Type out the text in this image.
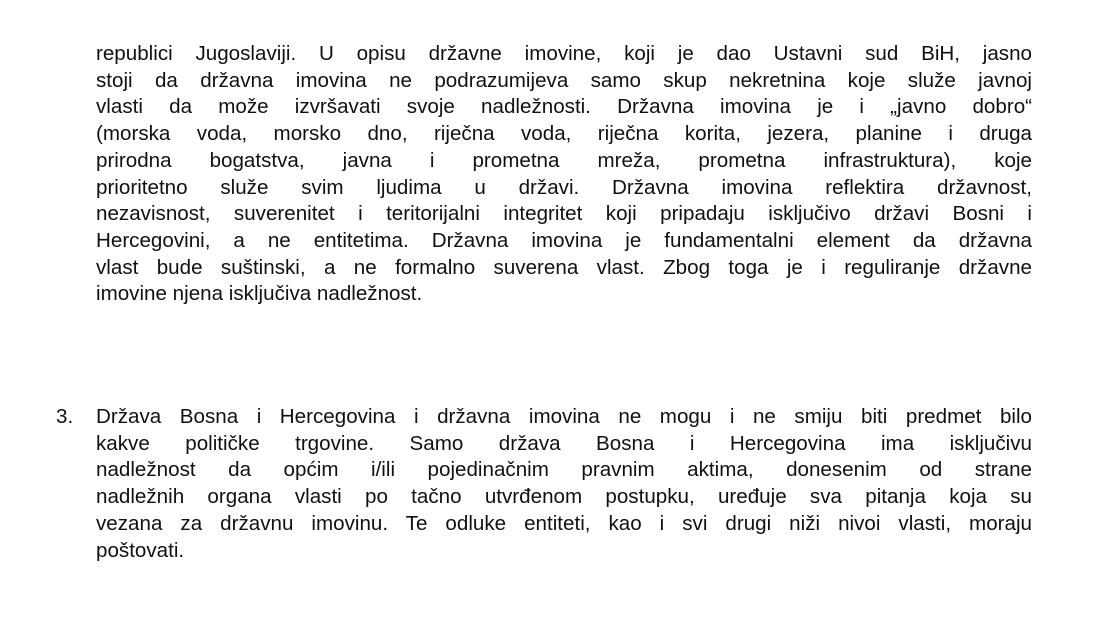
republici Jugoslaviji. U opisu državne imovine, koji je dao Ustavni sud BiH, jasno
stoji da državna imovina ne podrazumijeva samo skup nekretnina koje služe javnoj
vlasti da može izvršavati svoje nadležnosti. Državna imovina je i „javno dobro“
(morska voda, morsko dno, riječna voda, riječna korita, jezera, planine i druga
prirodna bogatstva, javna i prometna mreža, prometna infrastruktura), koje
prioritetno služe svim ljudima u državi. Državna imovina reflektira državnost,
nezavisnost, suverenitet i teritorijalni integritet koji pripadaju isključivo državi Bosni i
Hercegovini, a ne entitetima. Državna imovina je fundamentalni element da državna
vlast bude suštinski, a ne formalno suverena vlast. Zbog toga je i reguliranje državne
imovine njena isključiva nadležnost.
3. Država Bosna i Hercegovina i državna imovina ne mogu i ne smiju biti predmet bilo
kakve političke trgovine. Samo država Bosna i Hercegovina ima isključivu
nadležnost da općim i/ili pojedinačnim pravnim aktima, donesenim od strane
nadležnih organa vlasti po tačno utvrđenom postupku, uređuje sva pitanja koja su
vezana za državnu imovinu. Te odluke entiteti, kao i svi drugi niži nivoi vlasti, moraju
poštovati.
